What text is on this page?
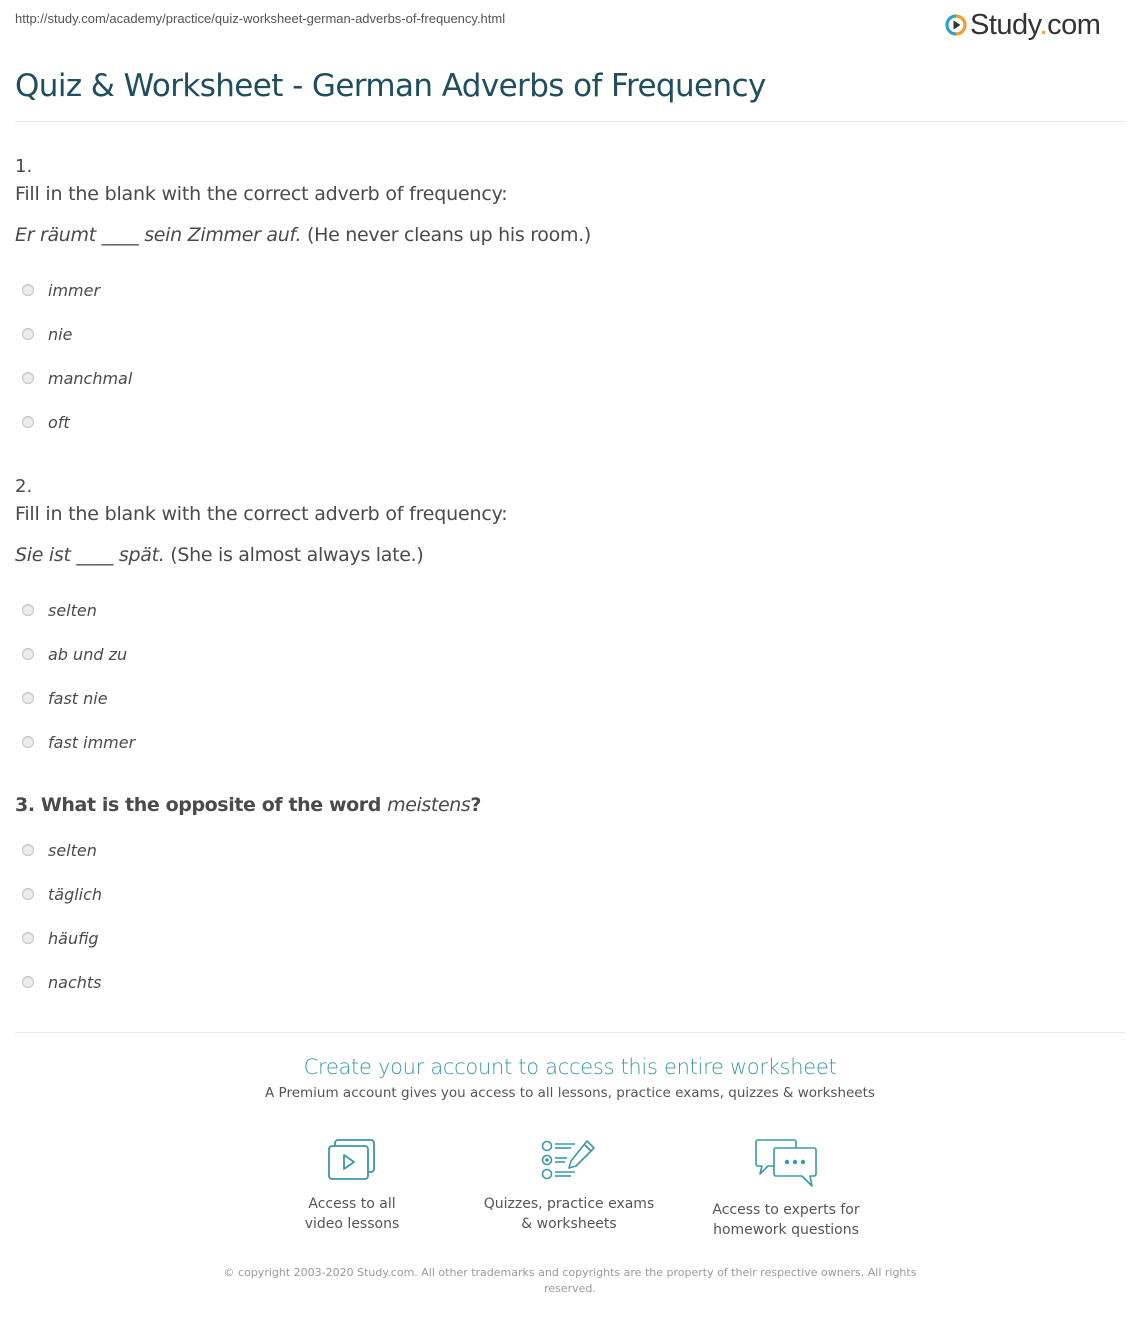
http://study.com/academy/practice/quiz-worksheet-german-adverbs-of-frequency.html	Study.com
Quiz & Worksheet - German Adverbs of Frequency
1.
Fill in the blank with the correct adverb of frequency:
Er räumt ____ sein Zimmer auf. (He never cleans up his room.)
immer
nie
manchmal
oft
2.
Fill in the blank with the correct adverb of frequency:
Sie ist ____ spät. (She is almost always late.)
selten
ab und zu
fast nie
fast immer
3. What is the opposite of the word meistens?
selten
täglich
häufig
nachts
Create your account to access this entire worksheet
A Premium account gives you access to all lessons, practice exams, quizzes & worksheets
Access to all
video lessons
Quizzes, practice exams
& worksheets
Access to experts for
homework questions
© copyright 2003-2020 Study.com. All other trademarks and copyrights are the property of their respective owners. All rights reserved.
